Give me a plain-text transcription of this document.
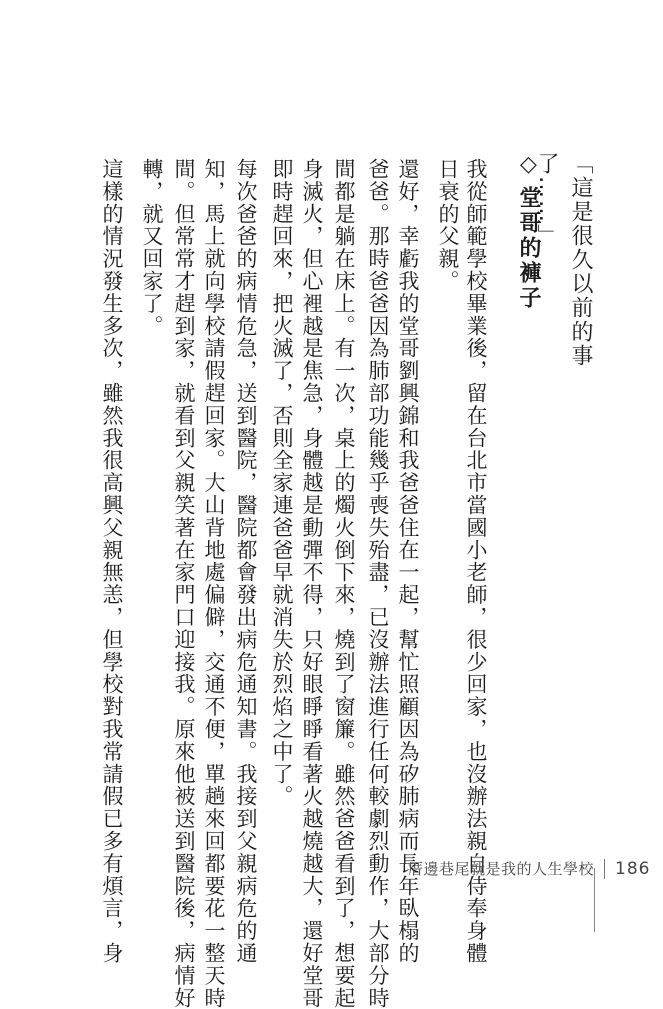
「這是很久以前的事了……」
◇堂哥的褲子
我從師範學校畢業後，留在台北市當國小老師，很少回家，也沒辦法親自侍奉身體
日衰的父親。
還好，幸虧我的堂哥劉興錦和我爸爸住在一起，幫忙照顧因為矽肺病而長年臥榻的
爸爸。那時爸爸因為肺部功能幾乎喪失殆盡，已沒辦法進行任何較劇烈動作，大部分時
間都是躺在床上。有一次，桌上的燭火倒下來，燒到了窗簾。雖然爸爸看到了，想要起
身滅火，但心裡越是焦急，身體越是動彈不得，只好眼睜睜看著火越燒越大，還好堂哥
即時趕回來，把火滅了，否則全家連爸爸早就消失於烈焰之中了。
每次爸爸的病情危急，送到醫院，醫院都會發出病危通知書。我接到父親病危的通
知，馬上就向學校請假趕回家。大山背地處偏僻，交通不便，單趟來回都要花一整天時
間。但常常才趕到家，就看到父親笑著在家門口迎接我。原來他被送到醫院後，病情好
轉，就又回家了。
這樣的情況發生多次，雖然我很高興父親無恙，但學校對我常請假已多有煩言，身	厝邊巷尾就是我的人生學校 186
